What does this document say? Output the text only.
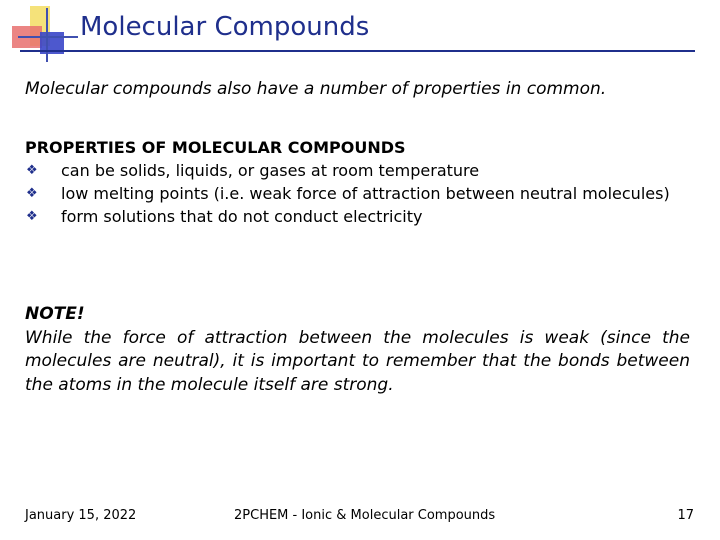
Molecular Compounds
Molecular compounds also have a number of properties in common.
PROPERTIES OF MOLECULAR COMPOUNDS
❖ can be solids, liquids, or gases at room temperature
❖ low melting points (i.e. weak force of attraction between neutral molecules)
❖ form solutions that do not conduct electricity
NOTE!
While the force of attraction between the molecules is weak (since the molecules are neutral), it is important to remember that the bonds between the atoms in the molecule itself are strong.
January 15, 2022	2PCHEM - Ionic & Molecular Compounds	17
